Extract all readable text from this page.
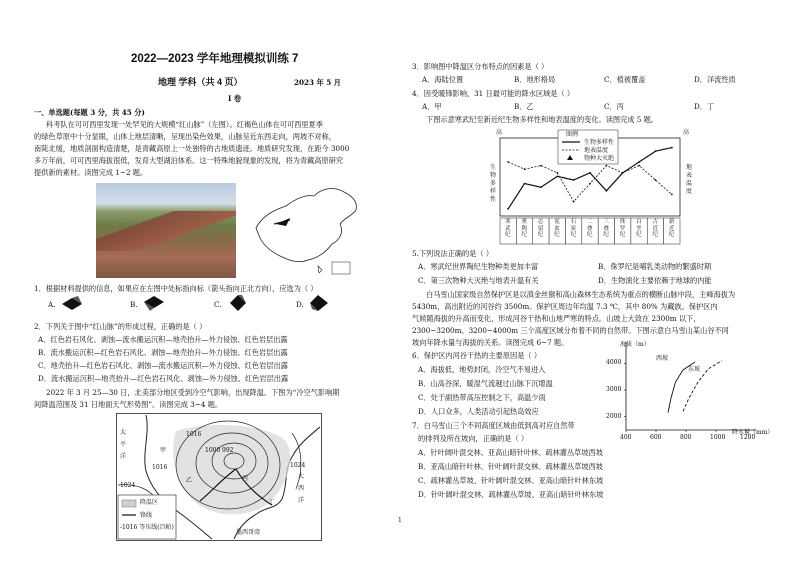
2022—2023 学年地理模拟训练 7
地理 学科（共 4 页）	2023 年 5 月
I 卷
一、单选题(每题 3 分，共 45 分)
科考队在可可西里发现一处罕见的大规模“红山脉”（左图）。红褐色山体在可可西里夏季
的绿色草原中十分显眼，山体上地层清晰，呈现出染色效果，山脉呈近东西走向，两坡不对称，
南陡北缓，地质剖面构造清楚，是青藏高原上一处独特的古地质遗迹。地质研究发现，在距今 3000
多万年前，可可西里海拔很低，发育大型湖泊体系。这一特殊地貌现象的发现，将为青藏高原研究
提供新的素材。读图完成 1~2 题。
1．根据材料提供的信息，如果应在左图中处标指向标（箭头指向正北方向），应选为（ ）
A.	B.	C.	D.
2．下列关于图中“红山脉”的形成过程，正确的是（ ）
A．红色岩石风化、剥蚀—流水搬运沉积—地壳抬升—外力侵蚀、红色岩层出露
B．流水搬运沉积—红色岩石风化、剥蚀—地壳抬升—外力侵蚀、红色岩层出露
C．地壳抬升—红色岩石风化、剥蚀—流水搬运沉积—外力侵蚀、红色岩层出露
D．流水搬运沉积—地壳抬升—红色岩石风化、剥蚀—外力侵蚀、红色岩层出露
2022 年 3 月 25—30 日，北美部分地区受到冷空气影响，出现降温。下图为“冷空气影响期
间降温范围及 31 日地面天气形势图”。读图完成 3~4 题。
1016
1000 992
1024
1016	1024
太
平
洋
大
西
洋
墨西哥湾
甲
乙	丙
丁
降温区
锋线
-1016 等压线(百帕)
3．影响图中降温区分布特点的因素是（ ）
A．海陆位置	B．地形格局	C．植被覆盖	D．洋流性质
4．因受暖锋影响，31 日最可能的降水区域是（ ）
A．甲	B．乙	C．丙	D．丁
下图示意寒武纪至新近纪生物多样性和地表温度的变化。读图完成 5 题。
高	高
生物多样性
地表温度
图例
生物多样性
地表温度
物种大灭绝
寒武纪
奥陶纪
志留纪
泥盆纪
石炭纪
二叠纪
三叠纪
侏罗纪
白垩纪
古近纪
新近纪
5.下列说法正确的是（ ）
A．寒武纪世界陶纪生物种类更加丰富	B．侏罗纪是哺乳类动物的繁盛时期
C．第三次物种大灭绝与地表升温有关	D．生物演化主要依赖于地球的内能
白马雪山国家级自然保护区是以滇金丝猴和高山森林生态系统为重点的横断山脉中段，主峰海拔为
5430m，高出附近的河谷约 3500m。保护区周边年均温 7.3 ℃，其中 80% 为藏族。保护区内
气候随海拔的升高而变化，形成河谷干热和山地严寒的特点。山坡上大致在 2300m 以下，
2300~3200m、3200~4000m 三个高度区域分布着不同的自然带。下图示意白马雪山某山谷不同
坡向年降水量与海拔的关系。读图完成 6~7 题。
6．保护区内河谷干热的主要原因是（ ）
A．海拔低，地势封闭，冷空气不易进入
B．山高谷深，暖湿气流越过山脉下沉增温
C．处于副热带高压控制之下，高温少雨
D．人口众多，人类活动引起热岛效应
7．白马雪山三个不同高度区域由低到高对应自然带
的排列及所在坡向，正确的是（ ）
A．针叶阔叶混交林、亚高山暗针叶林、疏林灌丛草坡西坡
B．亚高山暗针叶林、针叶阔叶混交林、疏林灌丛草坡西坡
C．疏林灌丛草坡、针叶阔叶混交林、亚高山暗针叶林东坡
D．针叶阔叶混交林、疏林灌丛草坡、亚高山暗针叶林东坡
海拔（m）
降水量（mm）
西坡
东坡
4000
3000
2000
400	600	800	1000 1200
1
